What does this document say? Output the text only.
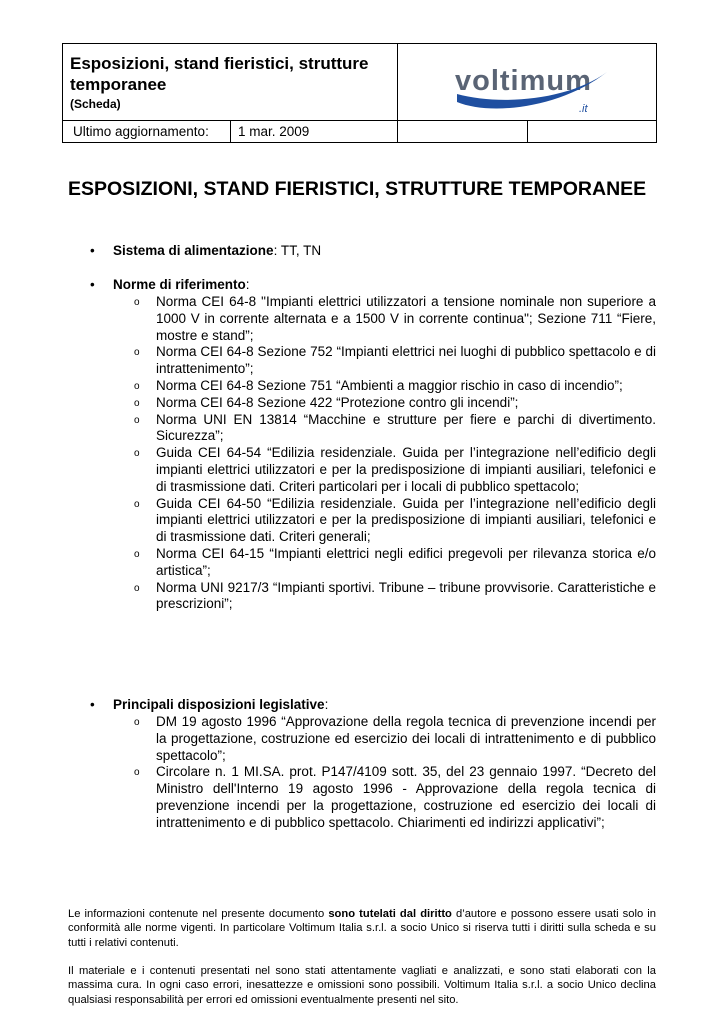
Esposizioni, stand fieristici, strutture temporanee
(Scheda)
voltimum
.it
Ultimo aggiornamento: 1 mar. 2009
ESPOSIZIONI, STAND FIERISTICI, STRUTTURE TEMPORANEE
• Sistema di alimentazione: TT, TN
• Norme di riferimento:
o Norma CEI 64-8 "Impianti elettrici utilizzatori a tensione nominale non superiore a 1000 V in corrente alternata e a 1500 V in corrente continua"; Sezione 711 “Fiere, mostre e stand”;
o Norma CEI 64-8 Sezione 752 “Impianti elettrici nei luoghi di pubblico spettacolo e di intrattenimento”;
o Norma CEI 64-8 Sezione 751 “Ambienti a maggior rischio in caso di incendio”;
o Norma CEI 64-8 Sezione 422 “Protezione contro gli incendi”;
o Norma UNI EN 13814 “Macchine e strutture per fiere e parchi di divertimento. Sicurezza”;
o Guida CEI 64-54 “Edilizia residenziale. Guida per l’integrazione nell’edificio degli impianti elettrici utilizzatori e per la predisposizione di impianti ausiliari, telefonici e di trasmissione dati. Criteri particolari per i locali di pubblico spettacolo;
o Guida CEI 64-50 “Edilizia residenziale. Guida per l’integrazione nell’edificio degli impianti elettrici utilizzatori e per la predisposizione di impianti ausiliari, telefonici e di trasmissione dati. Criteri generali;
o Norma CEI 64-15 “Impianti elettrici negli edifici pregevoli per rilevanza storica e/o artistica”;
o Norma UNI 9217/3 “Impianti sportivi. Tribune – tribune provvisorie. Caratteristiche e prescrizioni”;
• Principali disposizioni legislative:
o DM 19 agosto 1996 “Approvazione della regola tecnica di prevenzione incendi per la progettazione, costruzione ed esercizio dei locali di intrattenimento e di pubblico spettacolo”;
o Circolare n. 1 MI.SA. prot. P147/4109 sott. 35, del 23 gennaio 1997. “Decreto del Ministro dell'Interno 19 agosto 1996 - Approvazione della regola tecnica di prevenzione incendi per la progettazione, costruzione ed esercizio dei locali di intrattenimento e di pubblico spettacolo. Chiarimenti ed indirizzi applicativi”;
Le informazioni contenute nel presente documento sono tutelati dal diritto d’autore e possono essere usati solo in conformità alle norme vigenti. In particolare Voltimum Italia s.r.l. a socio Unico si riserva tutti i diritti sulla scheda e su tutti i relativi contenuti.
Il materiale e i contenuti presentati nel sono stati attentamente vagliati e analizzati, e sono stati elaborati con la massima cura. In ogni caso errori, inesattezze e omissioni sono possibili. Voltimum Italia s.r.l. a socio Unico declina qualsiasi responsabilità per errori ed omissioni eventualmente presenti nel sito.
